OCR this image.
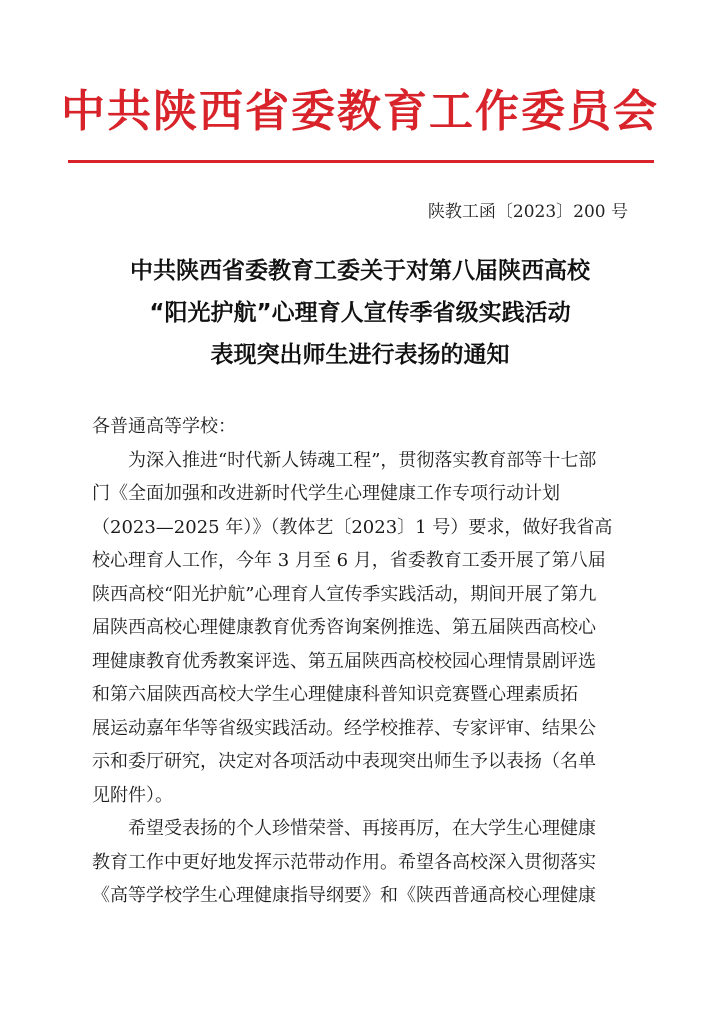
中共陕西省委教育工作委员会
陕教工函〔2023〕200 号
中共陕西省委教育工委关于对第八届陕西高校
“阳光护航”心理育人宣传季省级实践活动
表现突出师生进行表扬的通知

各普通高等学校：

为深入推进“时代新人铸魂工程”，贯彻落实教育部等十七部
门《全面加强和改进新时代学生心理健康工作专项行动计划
（2023—2025 年）》（教体艺〔2023〕1 号）要求，做好我省高
校心理育人工作，今年 3 月至 6 月，省委教育工委开展了第八届
陕西高校“阳光护航”心理育人宣传季实践活动，期间开展了第九
届陕西高校心理健康教育优秀咨询案例推选、第五届陕西高校心
理健康教育优秀教案评选、第五届陕西高校校园心理情景剧评选
和第六届陕西高校大学生心理健康科普知识竞赛暨心理素质拓
展运动嘉年华等省级实践活动。经学校推荐、专家评审、结果公
示和委厅研究，决定对各项活动中表现突出师生予以表扬（名单
见附件）。

希望受表扬的个人珍惜荣誉、再接再厉，在大学生心理健康
教育工作中更好地发挥示范带动作用。希望各高校深入贯彻落实
《高等学校学生心理健康指导纲要》和《陕西普通高校心理健康
